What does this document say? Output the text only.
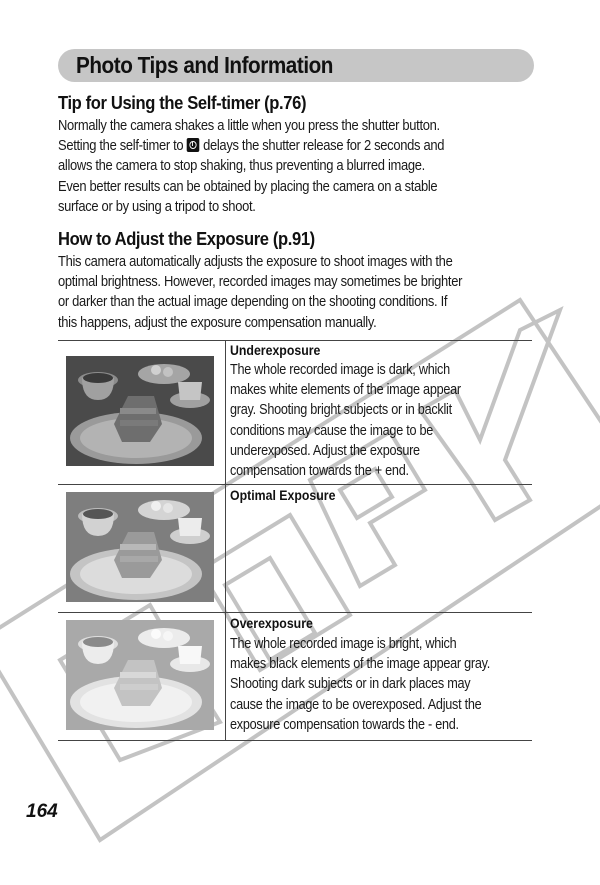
Photo Tips and Information
Tip for Using the Self-timer (p.76)
Normally the camera shakes a little when you press the shutter button.
Setting the self-timer to delays the shutter release for 2 seconds and
allows the camera to stop shaking, thus preventing a blurred image.
Even better results can be obtained by placing the camera on a stable
surface or by using a tripod to shoot.
How to Adjust the Exposure (p.91)
This camera automatically adjusts the exposure to shoot images with the
optimal brightness. However, recorded images may sometimes be brighter
or darker than the actual image depending on the shooting conditions. If
this happens, adjust the exposure compensation manually.
Underexposure
The whole recorded image is dark, which
makes white elements of the image appear
gray. Shooting bright subjects or in backlit
conditions may cause the image to be
underexposed. Adjust the exposure
compensation towards the + end.
Optimal Exposure
Overexposure
The whole recorded image is bright, which
makes black elements of the image appear gray.
Shooting dark subjects or in dark places may
cause the image to be overexposed. Adjust the
exposure compensation towards the - end.
164
